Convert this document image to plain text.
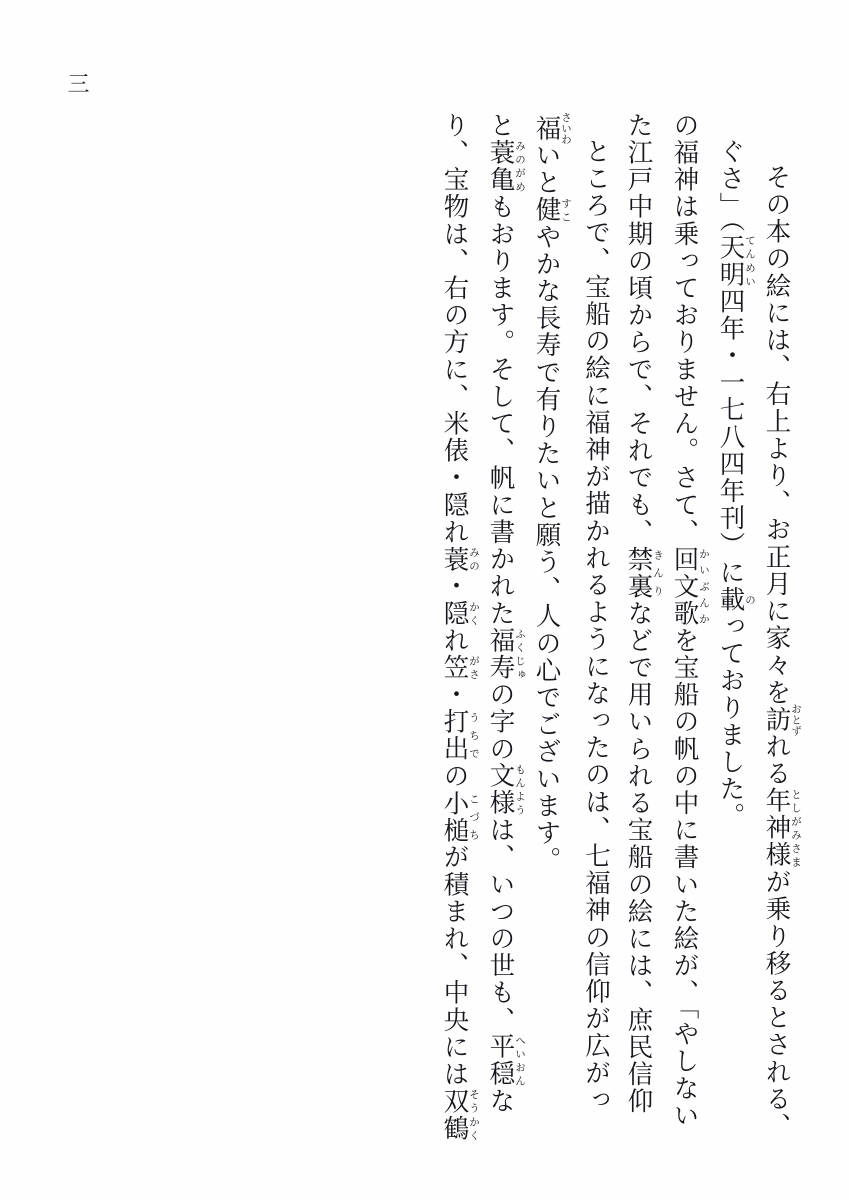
三
り、宝物は、右の方に、米俵・隠れ蓑みの・隠かくれ笠がさ・打出うちでの小槌こづちが積まれ、中央には双鶴そうかく
と蓑亀みのがめもおります。そして、帆に書かれた福寿ふくじゅの字の文様もんようは、いつの世も、平穏へいおんな
福さいわいと健すこやかな長寿で有りたいと願う、人の心でございます。 ところで、宝船の絵に福神が描かれるようになったのは、七福神の信仰が広がっ た江戸中期の頃からで、それでも、禁裏きんりなどで用いられる宝船の絵には、庶民信仰
の福神は乗っておりません。さて、回文歌かいぶんかを宝船の帆の中に書いた絵が、「やしない
ぐさ」（天明てんめい四年・一七八四年刊）に載のっておりました。
その本の絵には、右上より、お正月に家々を訪おとずれる年神様としがみさまが乗り移るとされる、
